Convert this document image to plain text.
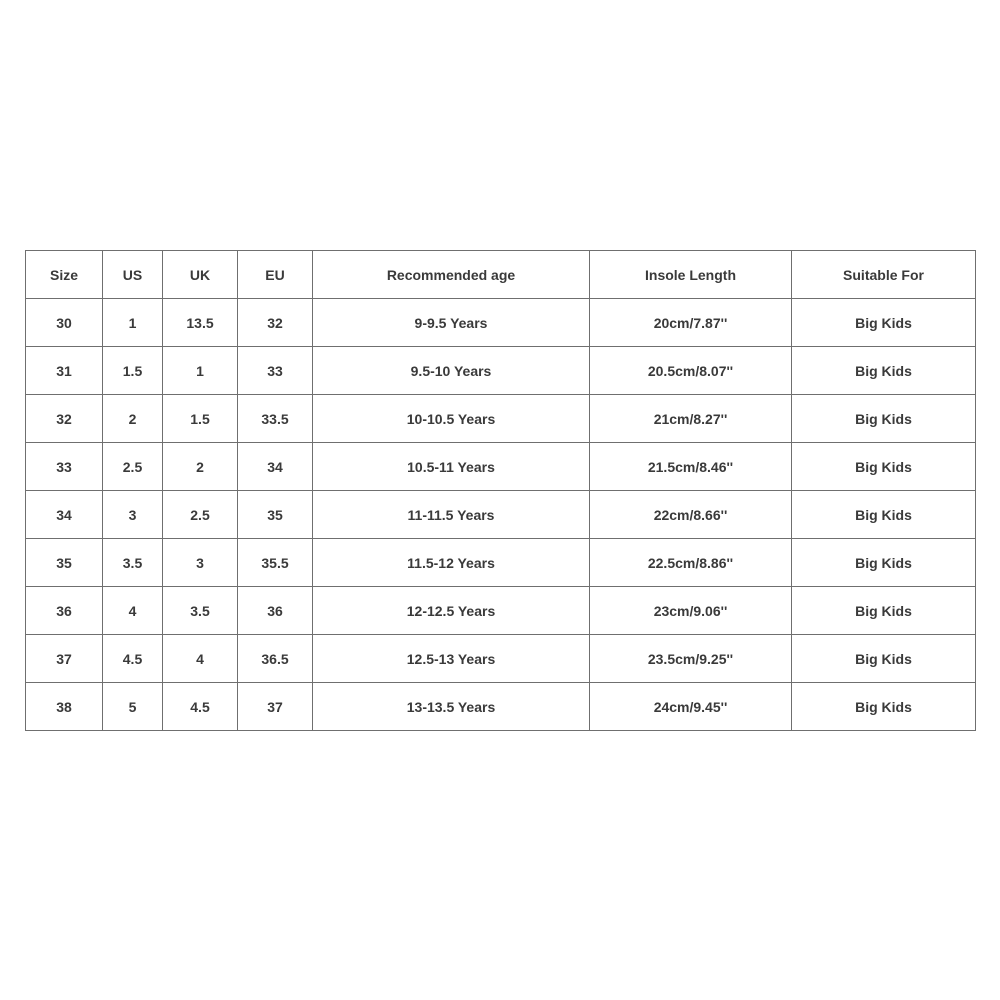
Size	US	UK	EU	Recommended age	Insole Length	Suitable For
30	1	13.5	32	9-9.5 Years	20cm/7.87''	Big Kids
31	1.5	1	33	9.5-10 Years	20.5cm/8.07''	Big Kids
32	2	1.5	33.5	10-10.5 Years	21cm/8.27''	Big Kids
33	2.5	2	34	10.5-11 Years	21.5cm/8.46''	Big Kids
34	3	2.5	35	11-11.5 Years	22cm/8.66''	Big Kids
35	3.5	3	35.5	11.5-12 Years	22.5cm/8.86''	Big Kids
36	4	3.5	36	12-12.5 Years	23cm/9.06''	Big Kids
37	4.5	4	36.5	12.5-13 Years	23.5cm/9.25''	Big Kids
38	5	4.5	37	13-13.5 Years	24cm/9.45''	Big Kids
